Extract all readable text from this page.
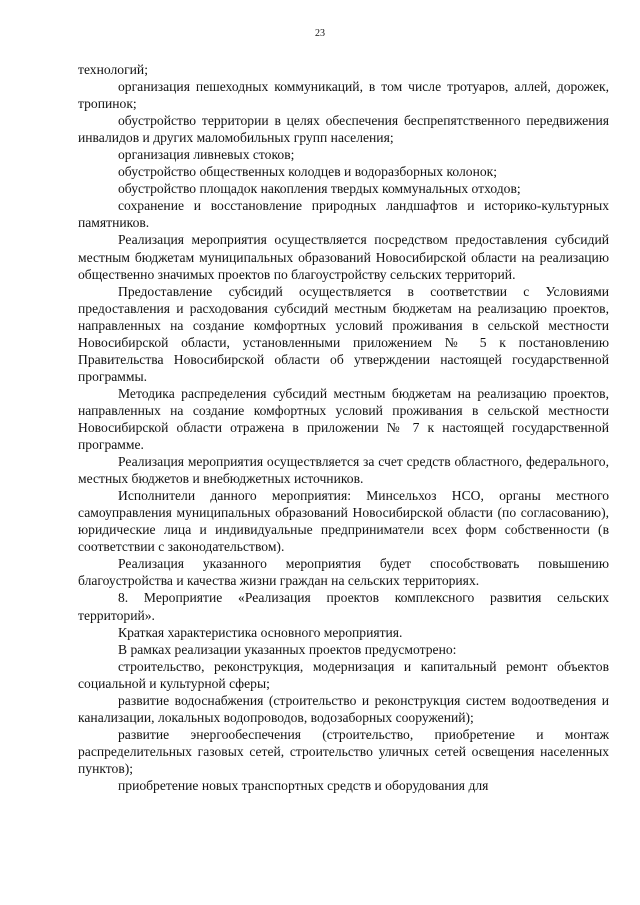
23

технологий;

организация пешеходных коммуникаций, в том числе тротуаров, аллей, дорожек, тропинок;

обустройство территории в целях обеспечения беспрепятственного передвижения инвалидов и других маломобильных групп населения;

организация ливневых стоков;

обустройство общественных колодцев и водоразборных колонок;

обустройство площадок накопления твердых коммунальных отходов;

сохранение и восстановление природных ландшафтов и историко-культурных памятников.

Реализация мероприятия осуществляется посредством предоставления субсидий местным бюджетам муниципальных образований Новосибирской области на реализацию общественно значимых проектов по благоустройству сельских территорий.

Предоставление субсидий осуществляется в соответствии с Условиями предоставления и расходования субсидий местным бюджетам на реализацию проектов, направленных на создание комфортных условий проживания в сельской местности Новосибирской области, установленными приложением № 5 к постановлению Правительства Новосибирской области об утверждении настоящей государственной программы.

Методика распределения субсидий местным бюджетам на реализацию проектов, направленных на создание комфортных условий проживания в сельской местности Новосибирской области отражена в приложении № 7 к настоящей государственной программе.

Реализация мероприятия осуществляется за счет средств областного, федерального, местных бюджетов и внебюджетных источников.

Исполнители данного мероприятия: Минсельхоз НСО, органы местного самоуправления муниципальных образований Новосибирской области (по согласованию), юридические лица и индивидуальные предприниматели всех форм собственности (в соответствии с законодательством).

Реализация указанного мероприятия будет способствовать повышению благоустройства и качества жизни граждан на сельских территориях.

8. Мероприятие «Реализация проектов комплексного развития сельских территорий».

Краткая характеристика основного мероприятия.

В рамках реализации указанных проектов предусмотрено:

строительство, реконструкция, модернизация и капитальный ремонт объектов социальной и культурной сферы;

развитие водоснабжения (строительство и реконструкция систем водоотведения и канализации, локальных водопроводов, водозаборных сооружений);

развитие энергообеспечения (строительство, приобретение и монтаж распределительных газовых сетей, строительство уличных сетей освещения населенных пунктов);

приобретение новых транспортных средств и оборудования для
